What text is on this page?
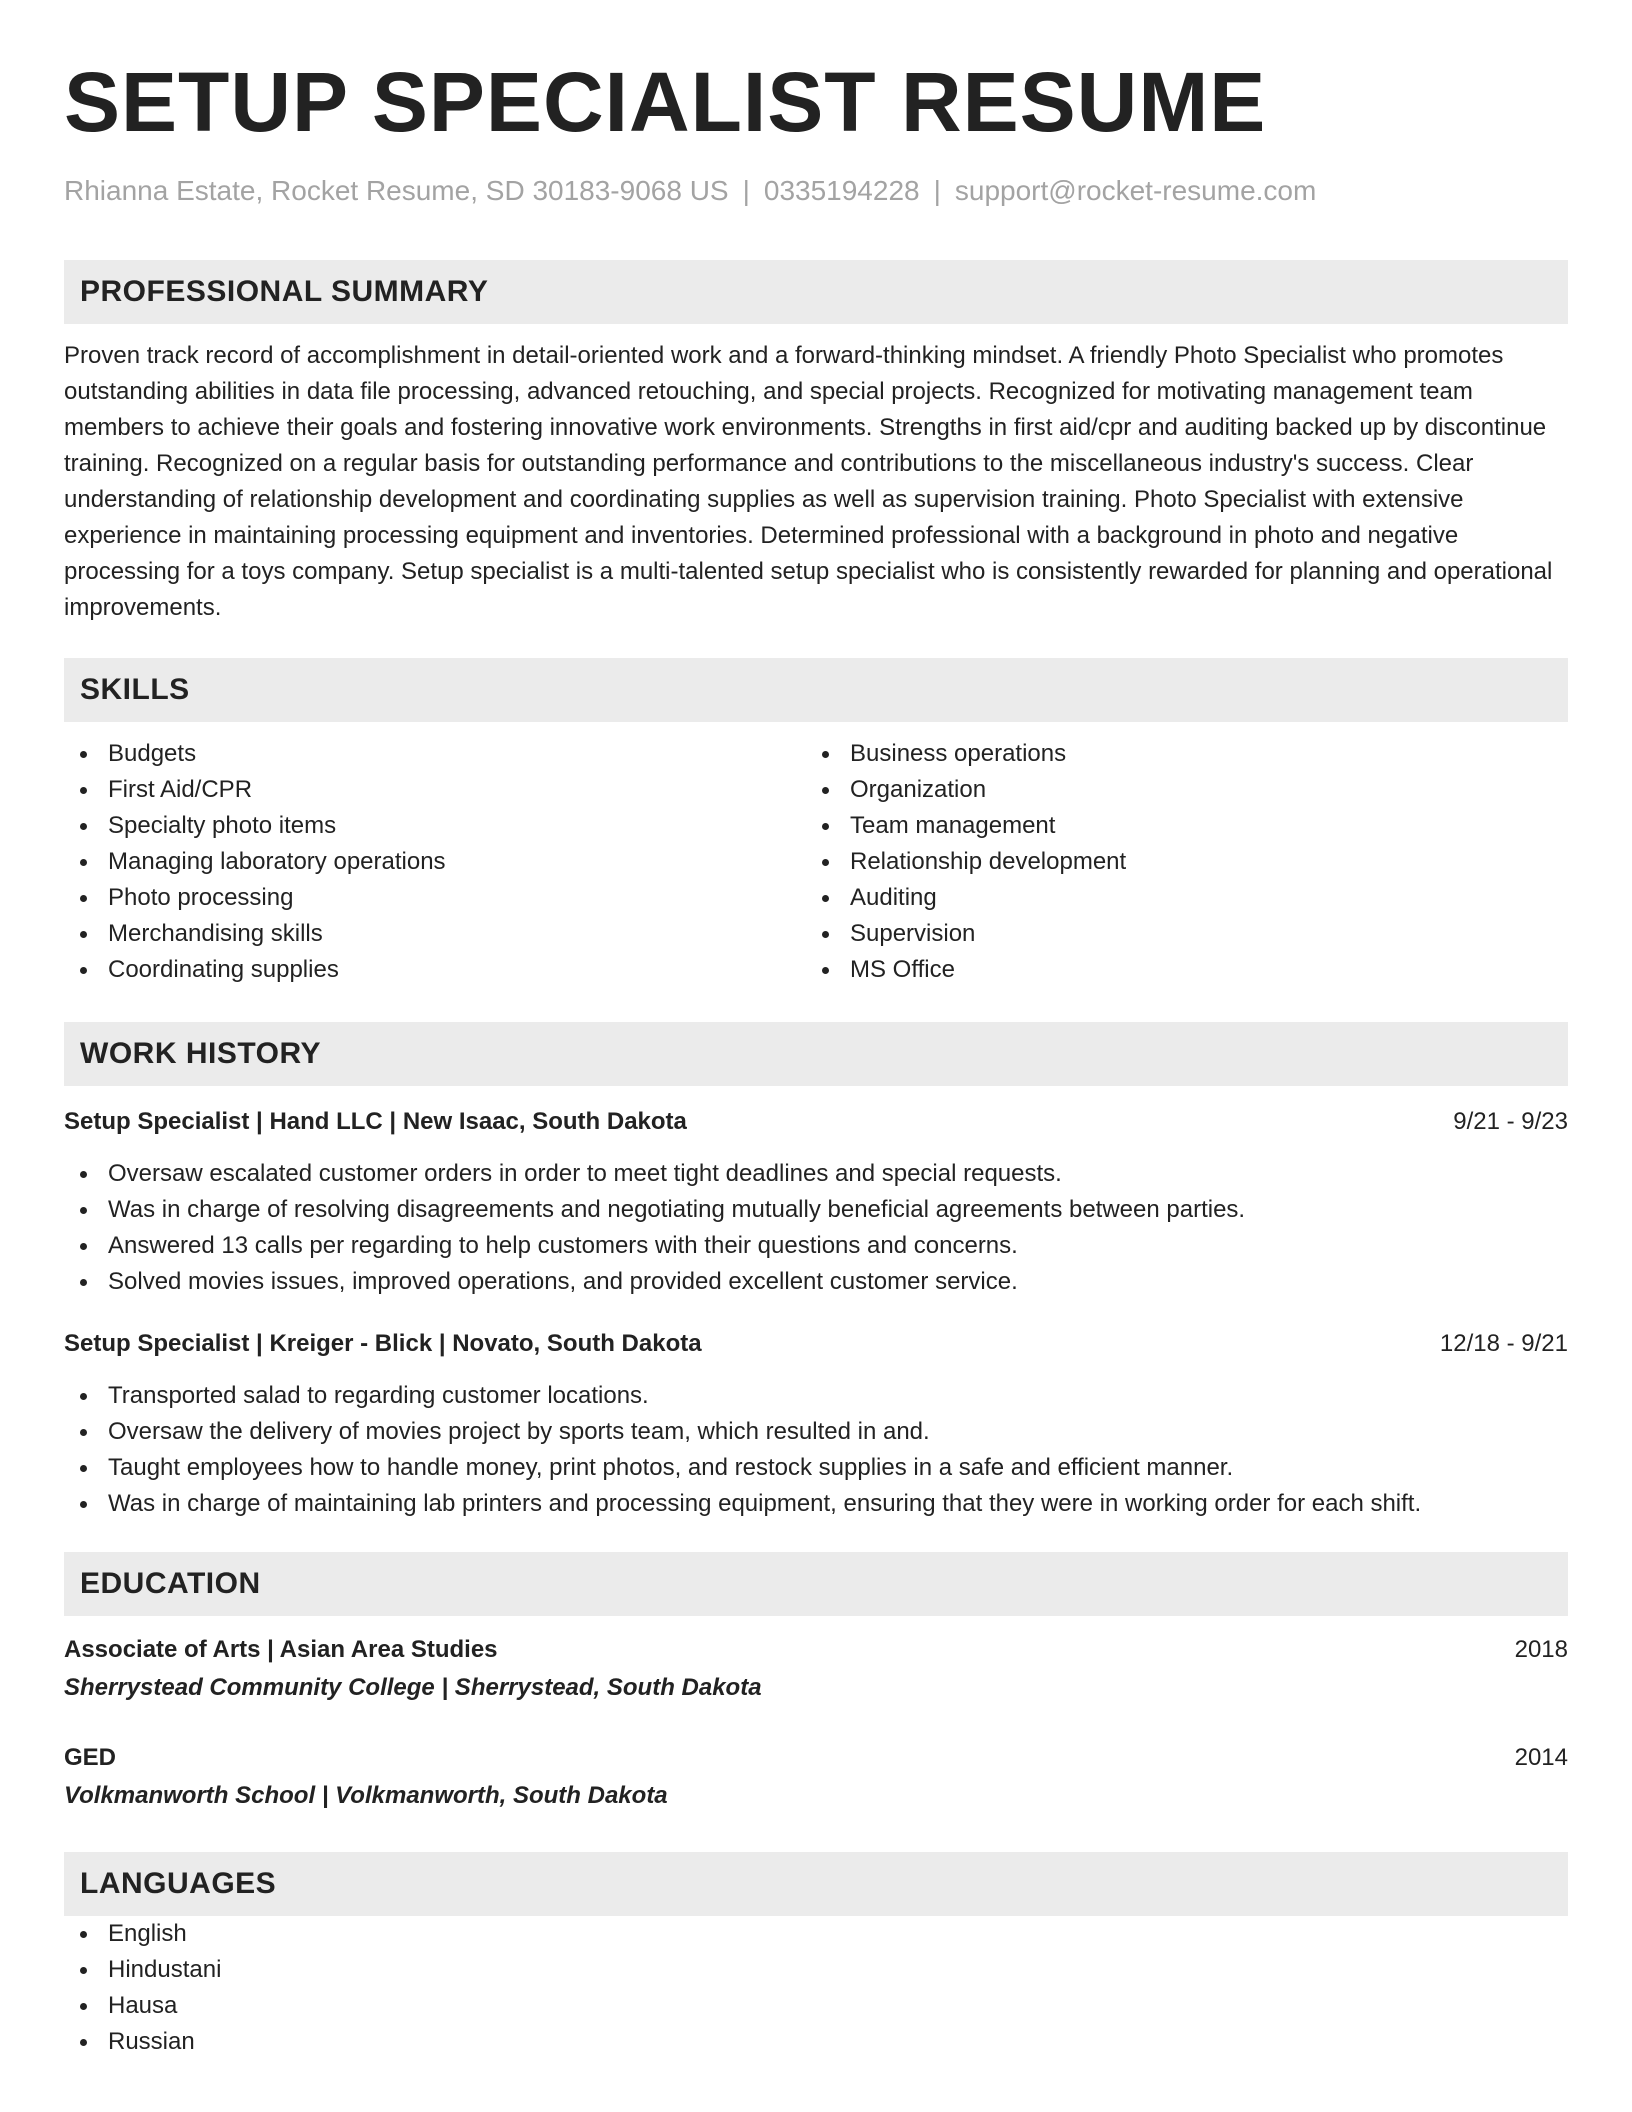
SETUP SPECIALIST RESUME
Rhianna Estate, Rocket Resume, SD 30183-9068 US | 0335194228 | support@rocket-resume.com
PROFESSIONAL SUMMARY

Proven track record of accomplishment in detail-oriented work and a forward-thinking mindset. A friendly Photo Specialist who promotes outstanding abilities in data file processing, advanced retouching, and special projects. Recognized for motivating management team members to achieve their goals and fostering innovative work environments. Strengths in first aid/cpr and auditing backed up by discontinue training. Recognized on a regular basis for outstanding performance and contributions to the miscellaneous industry's success. Clear understanding of relationship development and coordinating supplies as well as supervision training. Photo Specialist with extensive experience in maintaining processing equipment and inventories. Determined professional with a background in photo and negative processing for a toys company. Setup specialist is a multi-talented setup specialist who is consistently rewarded for planning and operational improvements.

SKILLS
Budgets
First Aid/CPR
Specialty photo items
Managing laboratory operations
Photo processing
Merchandising skills
Coordinating supplies
Business operations
Organization
Team management
Relationship development
Auditing
Supervision
MS Office
WORK HISTORY
Setup Specialist | Hand LLC | New Isaac, South Dakota	9/21 - 9/23
Oversaw escalated customer orders in order to meet tight deadlines and special requests.
Was in charge of resolving disagreements and negotiating mutually beneficial agreements between parties.
Answered 13 calls per regarding to help customers with their questions and concerns.
Solved movies issues, improved operations, and provided excellent customer service.
Setup Specialist | Kreiger - Blick | Novato, South Dakota	12/18 - 9/21
Transported salad to regarding customer locations.
Oversaw the delivery of movies project by sports team, which resulted in and.
Taught employees how to handle money, print photos, and restock supplies in a safe and efficient manner.
Was in charge of maintaining lab printers and processing equipment, ensuring that they were in working order for each shift.
EDUCATION
Associate of Arts | Asian Area Studies	2018
Sherrystead Community College | Sherrystead, South Dakota
GED	2014
Volkmanworth School | Volkmanworth, South Dakota
LANGUAGES
English
Hindustani
Hausa
Russian
